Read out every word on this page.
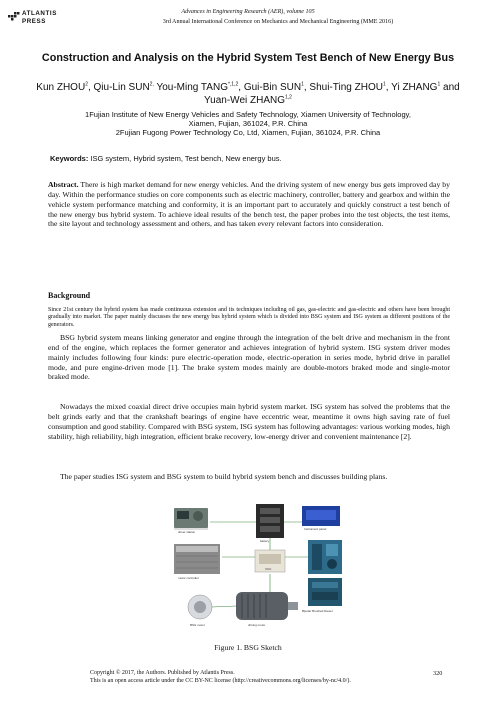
ATLANTIS
PRESS
Advances in Engineering Research (AER), volume 105
3rd Annual International Conference on Mechanics and Mechanical Engineering (MME 2016)
Construction and Analysis on the Hybrid System Test Bench of New Energy Bus
Kun ZHOU$^2$, Qiu-Lin $SUN^{2,}$ You-Ming $TANG^{*,1,2}$, Gui-Bin SUN$^1$, Shui-Ting ZHOU$^1$, Yi ZHANG$^1$ and Yuan-Wei ZHANG$^{1,2}$
1Fujian Institute of New Energy Vehicles and Safety Technology, Xiamen University of Technology,
Xiamen, Fujian, 361024, P.R. China
2Fujian Fugong Power Technology Co, Ltd, Xiamen, Fujian, 361024, P.R. China
Keywords: ISG system, Hybrid system, Test bench, New energy bus.
Abstract. There is high market demand for new energy vehicles. And the driving system of new energy bus gets improved day by day. Within the performance studies on core components such as electric machinery, controller, battery and gearbox and within the vehicle system performance matching and conformity, it is an important part to accurately and quickly construct a test bench of the new energy bus hybrid system. To achieve ideal results of the bench test, the paper probes into the test objects, the test items, the site layout and technology assessment and others, and has taken every relevant factors into consideration.
Background
Since 21st century the hybrid system has made continuous extension and its techniques including oil gas, gas-electric and gas-electric and others have been brought gradually into market. The paper mainly discusses the new energy bus hybrid system which is divided into BSG system and ISG system as different positions of the generators.
BSG hybrid system means linking generator and engine through the integration of the belt drive and mechanism in the front end of the engine, which replaces the former generator and achieves integration of hybrid system. ISG system driver modes mainly includes following four kinds: pure electric-operation mode, electric-operation in series mode, hybrid drive in parallel mode, and pure engine-driven mode [1]. The brake system modes mainly are double-motors braked mode and single-motor braked mode.
Nowadays the mixed coaxial direct drive occupies main hybrid system market. ISG system has solved the problems that the belt grinds early and that the crankshaft bearings of engine have eccentric wear, meantime it owns high saving rate of fuel consumption and good stability. Compared with BSG system, ISG system has following advantages: various working modes, high stability, high reliability, high integration, efficient brake recovery, low-energy driver and convenient maintenance [2].
The paper studies ISG system and BSG system to build hybrid system bench and discusses building plans.
driver station
battery
Instrument panel
motor controller
VCU
Bipolar Brushed Diesel
driving motor
BSG motor
Figure 1. BSG Sketch
Copyright © 2017, the Authors. Published by Atlantis Press.
This is an open access article under the CC BY-NC license (http://creativecommons.org/licenses/by-nc/4.0/).
320
